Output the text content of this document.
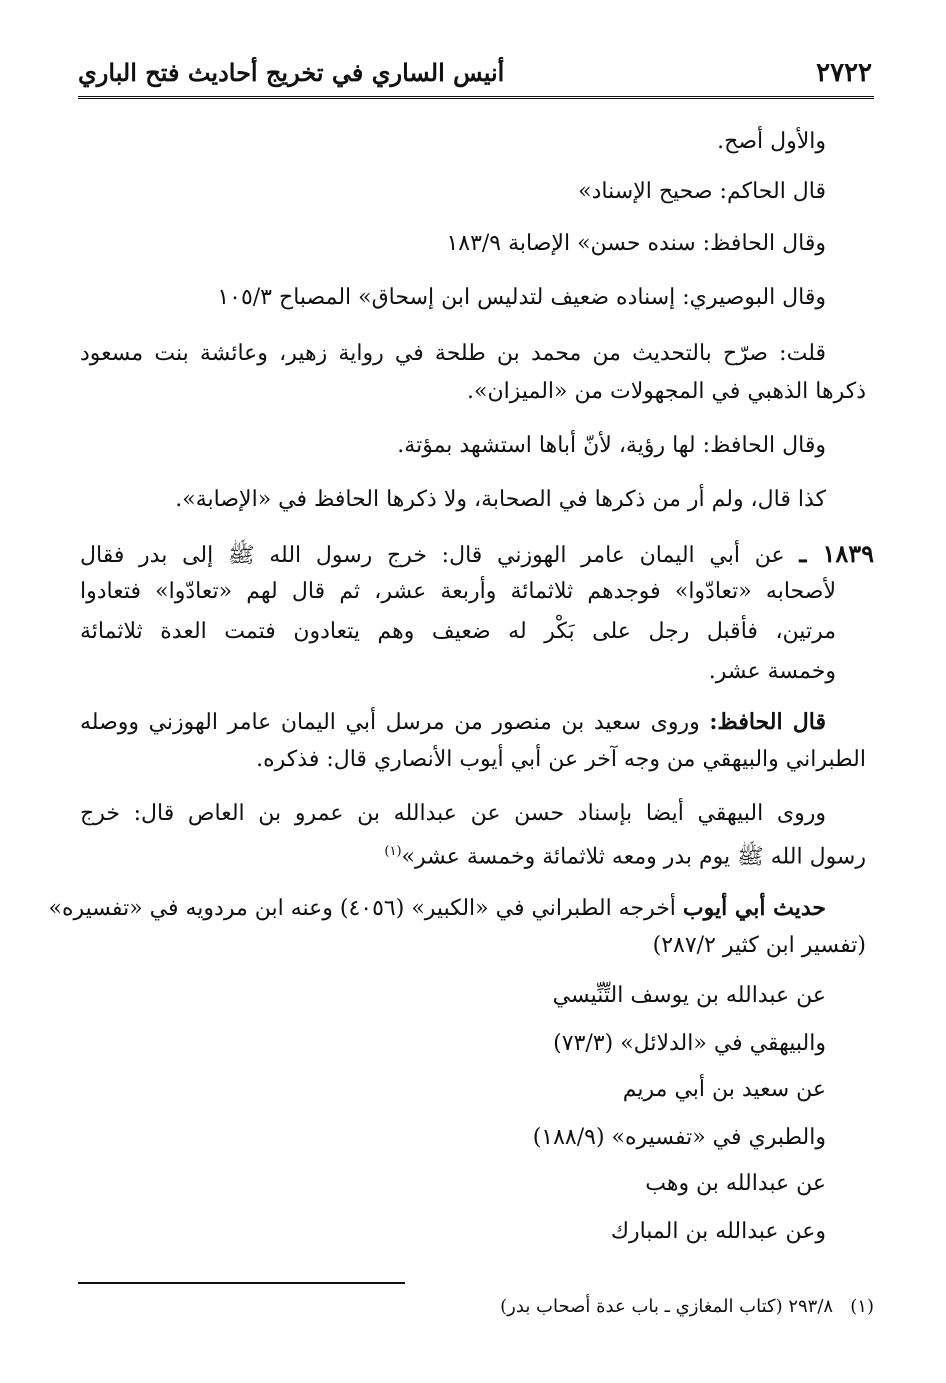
٢٧٢٢
أنيس الساري في تخريج أحاديث فتح الباري
والأول أصح.
قال الحاكم: صحيح الإسناد»
وقال الحافظ: سنده حسن» الإصابة ١٨٣/٩
وقال البوصيري: إسناده ضعيف لتدليس ابن إسحاق» المصباح ١٠٥/٣
قلت: صرّح بالتحديث من محمد بن طلحة في رواية زهير، وعائشة بنت مسعود
ذكرها الذهبي في المجهولات من «الميزان».
وقال الحافظ: لها رؤية، لأنّ أباها استشهد بمؤتة.
كذا قال، ولم أر من ذكرها في الصحابة، ولا ذكرها الحافظ في «الإصابة».
١٨٣٩ ـ عن أبي اليمان عامر الهوزني قال: خرج رسول الله ﷺ إلى بدر فقال
لأصحابه «تعادّوا» فوجدهم ثلاثمائة وأربعة عشر، ثم قال لهم «تعادّوا» فتعادوا
مرتين، فأقبل رجل على بَكْر له ضعيف وهم يتعادون فتمت العدة ثلاثمائة
وخمسة عشر.
قال الحافظ: وروى سعيد بن منصور من مرسل أبي اليمان عامر الهوزني ووصله
الطبراني والبيهقي من وجه آخر عن أبي أيوب الأنصاري قال: فذكره.
وروى البيهقي أيضا بإسناد حسن عن عبدالله بن عمرو بن العاص قال: خرج
رسول الله ﷺ يوم بدر ومعه ثلاثمائة وخمسة عشر»$^{(١)}$
حديث أبي أيوب أخرجه الطبراني في «الكبير» (٤٠٥٦) وعنه ابن مردويه في «تفسيره»
(تفسير ابن كثير ٢٨٧/٢)
عن عبدالله بن يوسف التِّنِّيسي
والبيهقي في «الدلائل» (٧٣/٣)
عن سعيد بن أبي مريم
والطبري في «تفسيره» (١٨٨/٩)
عن عبدالله بن وهب
وعن عبدالله بن المبارك
(١)   ٢٩٣/٨ (كتاب المغازي ـ باب عدة أصحاب بدر)
